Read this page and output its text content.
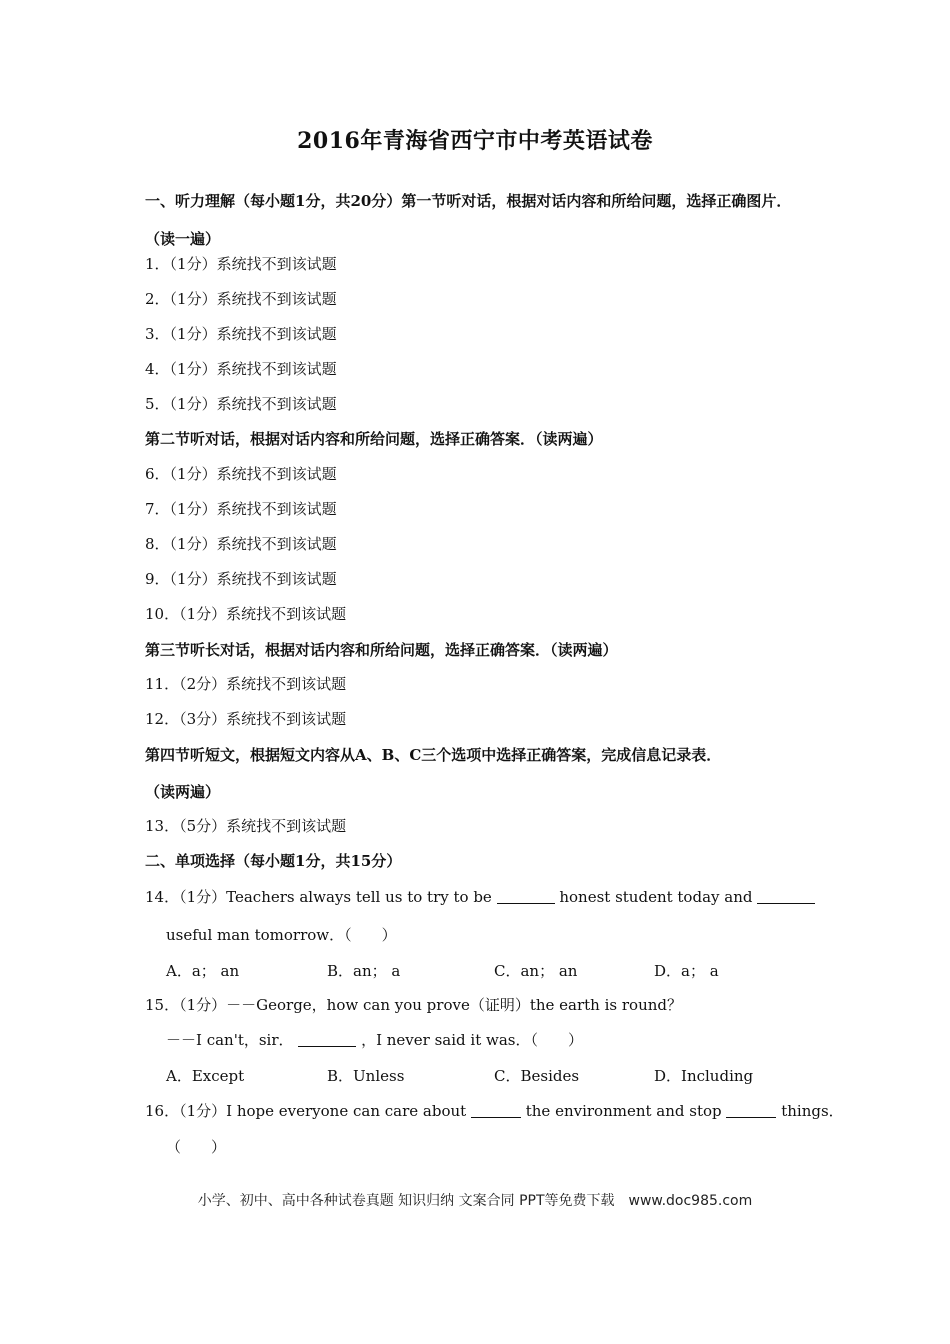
2016年青海省西宁市中考英语试卷
一、听力理解（每小题1分，共20分）第一节听对话，根据对话内容和所给问题，选择正确图片．（读一遍）
1．（1分）系统找不到该试题
2．（1分）系统找不到该试题
3．（1分）系统找不到该试题
4．（1分）系统找不到该试题
5．（1分）系统找不到该试题
第二节听对话，根据对话内容和所给问题，选择正确答案．（读两遍）
6．（1分）系统找不到该试题
7．（1分）系统找不到该试题
8．（1分）系统找不到该试题
9．（1分）系统找不到该试题
10．（1分）系统找不到该试题
第三节听长对话，根据对话内容和所给问题，选择正确答案．（读两遍）
11．（2分）系统找不到该试题
12．（3分）系统找不到该试题
第四节听短文，根据短文内容从A、B、C三个选项中选择正确答案，完成信息记录表．
（读两遍）
13．（5分）系统找不到该试题
二、单项选择（每小题1分，共15分）
14．（1分）Teachers always tell us to try to be	honest student today and
useful man tomorrow．（　　）
A．a； an	B．an； a	C．an； an	D．a； a
15．（1分）－－George，how can you prove（证明）the earth is round？
－－I can't，sir．	，I never said it was．（　　）
A．Except	B．Unless	C．Besides	D．Including
16．（1分）I hope everyone can care about	the environment and stop	things．
（　　）
小学、初中、高中各种试卷真题 知识归纳 文案合同 PPT等免费下载　www.doc985.com
